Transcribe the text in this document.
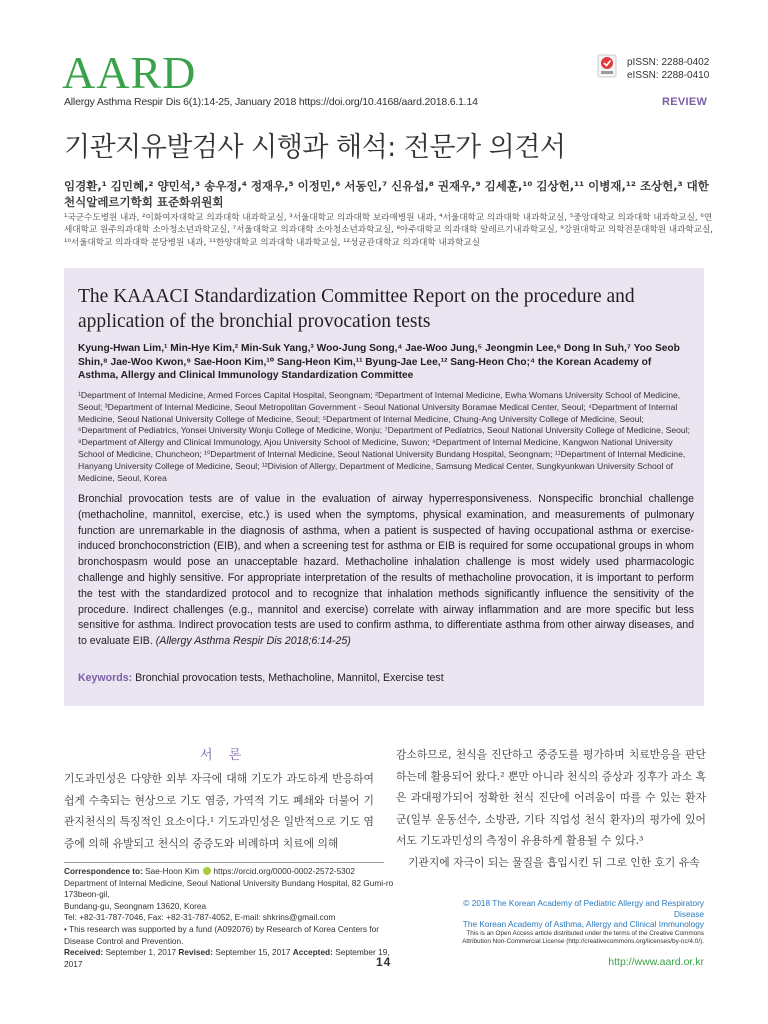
AARD
Allergy Asthma Respir Dis 6(1):14-25, January 2018 https://doi.org/10.4168/aard.2018.6.1.14
pISSN: 2288-0402
eISSN: 2288-0410
REVIEW
기관지유발검사 시행과 해석: 전문가 의견서
임경환,¹ 김민혜,² 양민석,³ 송우정,⁴ 정재우,⁵ 이정민,⁶ 서동인,⁷ 신유섭,⁸ 권재우,⁹ 김세훈,¹⁰ 김상헌,¹¹ 이병재,¹² 조상헌,³ 대한천식알레르기학회 표준화위원회
¹국군수도병원 내과, ²이화여자대학교 의과대학 내과학교실, ³서울대학교 의과대학 보라매병원 내과, ⁴서울대학교 의과대학 내과학교실, ⁵중앙대학교 의과대학 내과학교실, ⁶연세대학교 원주의과대학 소아청소년과학교실, ⁷서울대학교 의과대학 소아청소년과학교실, ⁸아주대학교 의과대학 알레르기내과학교실, ⁹강원대학교 의학전문대학원 내과학교실, ¹⁰서울대학교 의과대학 분당병원 내과, ¹¹한양대학교 의과대학 내과학교실, ¹²성균관대학교 의과대학 내과학교실
The KAAACI Standardization Committee Report on the procedure and application of the bronchial provocation tests
Kyung-Hwan Lim,¹ Min-Hye Kim,² Min-Suk Yang,³ Woo-Jung Song,⁴ Jae-Woo Jung,⁵ Jeongmin Lee,⁶ Dong In Suh,⁷ Yoo Seob Shin,⁸ Jae-Woo Kwon,⁹ Sae-Hoon Kim,¹⁰ Sang-Heon Kim,¹¹ Byung-Jae Lee,¹² Sang-Heon Cho;⁴ the Korean Academy of Asthma, Allergy and Clinical Immunology Standardization Committee
¹Department of Internal Medicine, Armed Forces Capital Hospital, Seongnam; ²Department of Internal Medicine, Ewha Womans University School of Medicine, Seoul; ³Department of Internal Medicine, Seoul Metropolitan Government - Seoul National University Boramae Medical Center, Seoul; ⁴Department of Internal Medicine, Seoul National University College of Medicine, Seoul; ⁵Department of Internal Medicine, Chung-Ang University College of Medicine, Seoul; ⁶Department of Pediatrics, Yonsei University Wonju College of Medicine, Wonju; ⁷Department of Pediatrics, Seoul National University College of Medicine, Seoul; ⁸Department of Allergy and Clinical Immunology, Ajou University School of Medicine, Suwon; ⁹Department of Internal Medicine, Kangwon National University School of Medicine, Chuncheon; ¹⁰Department of Internal Medicine, Seoul National University Bundang Hospital, Seongnam; ¹¹Department of Internal Medicine, Hanyang University College of Medicine, Seoul; ¹²Division of Allergy, Department of Medicine, Samsung Medical Center, Sungkyunkwan University School of Medicine, Seoul, Korea
Bronchial provocation tests are of value in the evaluation of airway hyperresponsiveness. Nonspecific bronchial challenge (methacholine, mannitol, exercise, etc.) is used when the symptoms, physical examination, and measurements of pulmonary function are unremarkable in the diagnosis of asthma, when a patient is suspected of having occupational asthma or exercise-induced bronchoconstriction (EIB), and when a screening test for asthma or EIB is required for some occupational groups in whom bronchospasm would pose an unacceptable hazard. Methacholine inhalation challenge is most widely used pharmacologic challenge and highly sensitive. For appropriate interpretation of the results of methacholine provocation, it is important to perform the test with the standardized protocol and to recognize that inhalation methods significantly influence the sensitivity of the procedure. Indirect challenges (e.g., mannitol and exercise) correlate with airway inflammation and are more specific but less sensitive for asthma. Indirect provocation tests are used to confirm asthma, to differentiate asthma from other airway diseases, and to evaluate EIB. (Allergy Asthma Respir Dis 2018;6:14-25)
Keywords: Bronchial provocation tests, Methacholine, Mannitol, Exercise test
서 론
기도과민성은 다양한 외부 자극에 대해 기도가 과도하게 반응하여 쉽게 수축되는 현상으로 기도 염증, 가역적 기도 폐쇄와 더불어 기관지천식의 특징적인 요소이다.¹ 기도과민성은 일반적으로 기도 염증에 의해 유발되고 천식의 중증도와 비례하며 치료에 의해
감소하므로, 천식을 진단하고 중증도를 평가하며 치료반응을 판단하는데 활용되어 왔다.² 뿐만 아니라 천식의 증상과 징후가 과소 혹은 과대평가되어 정확한 천식 진단에 어려움이 따를 수 있는 환자군(일부 운동선수, 소방관, 기타 직업성 천식 환자)의 평가에 있어서도 기도과민성의 측정이 유용하게 활용될 수 있다.³
기관지에 자극이 되는 물질을 흡입시킨 뒤 그로 인한 호기 유속
Correspondence to: Sae-Hoon Kim https://orcid.org/0000-0002-2572-5302
Department of Internal Medicine, Seoul National University Bundang Hospital, 82 Gumi-ro 173beon-gil,
Bundang-gu, Seongnam 13620, Korea
Tel: +82-31-787-7046, Fax: +82-31-787-4052, E-mail: shkrins@gmail.com
• This research was supported by a fund (A092076) by Research of Korea Centers for Disease Control and Prevention.
Received: September 1, 2017 Revised: September 15, 2017 Accepted: September 19, 2017
© 2018 The Korean Academy of Pediatric Allergy and Respiratory Disease
The Korean Academy of Asthma, Allergy and Clinical Immunology
This is an Open Access article distributed under the terms of the Creative Commons Attribution Non-Commercial License (http://creativecommons.org/licenses/by-nc/4.0/).
14	http://www.aard.or.kr
